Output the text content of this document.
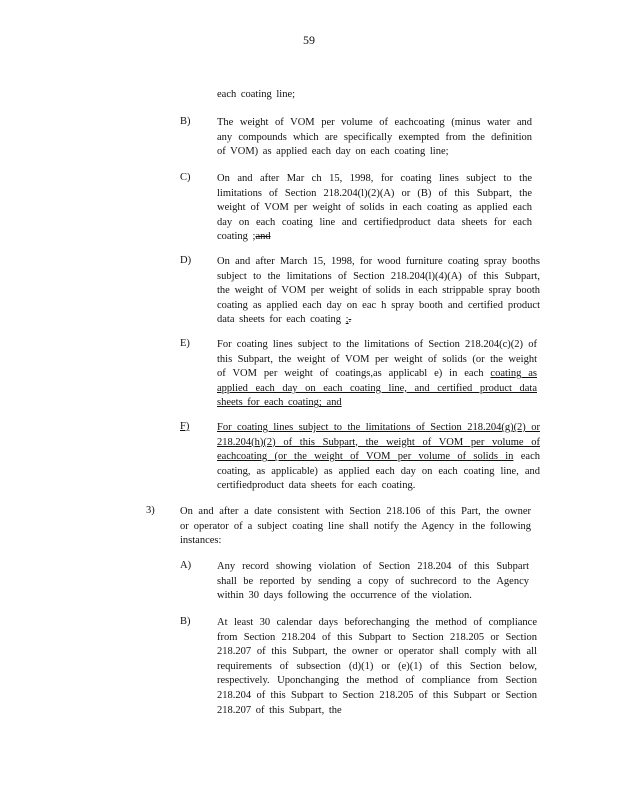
59
each coating line;
B)	The weight of VOM per volume of eachcoating (minus water and any compounds which are specifically exempted from the definition of VOM) as applied each day on each coating line;
C)	On and after Mar ch 15, 1998, for coating lines subject to the limitations of Section 218.204(l)(2)(A) or (B) of this Subpart, the weight of VOM per weight of solids in each coating as applied each day on each coating line and certifiedproduct data sheets for each coating ;and
D) On and after March 15, 1998, for wood furniture coating spray booths subject to the limitations of Section 218.204(l)(4)(A) of this Subpart, the weight of VOM per weight of solids in each strippable spray booth coating as applied each day on eac h spray booth and certified product data sheets for each coating ;.
E)	For coating lines subject to the limitations of Section 218.204(c)(2) of this Subpart, the weight of VOM per weight of solids (or the weight of VOM per weight of coatings,as applicabl e) in each coating as applied each day on each coating line, and certified product data sheets for each coating; and
F)	For coating lines subject to the limitations of Section 218.204(g)(2) or 218.204(h)(2) of this Subpart, the weight of VOM per volume of eachcoating (or the weight of VOM per volume of solids in each coating, as applicable) as applied each day on each coating line, and certifiedproduct data sheets for each coating.
3) On and after a date consistent with Section 218.106 of this Part, the owner or operator of a subject coating line shall notify the Agency in the following instances:
A) Any record showing violation of Section 218.204 of this Subpart shall be reported by sending a copy of suchrecord to the Agency within 30 days following the occurrence of the violation.
B)	At least 30 calendar days beforechanging the method of compliance from Section 218.204 of this Subpart to Section 218.205 or Section 218.207 of this Subpart, the owner or operator shall comply with all requirements of subsection (d)(1) or (e)(1) of this Section below, respectively. Uponchanging the method of compliance from Section 218.204 of this Subpart to Section 218.205 of this Subpart or Section 218.207 of this Subpart, the
